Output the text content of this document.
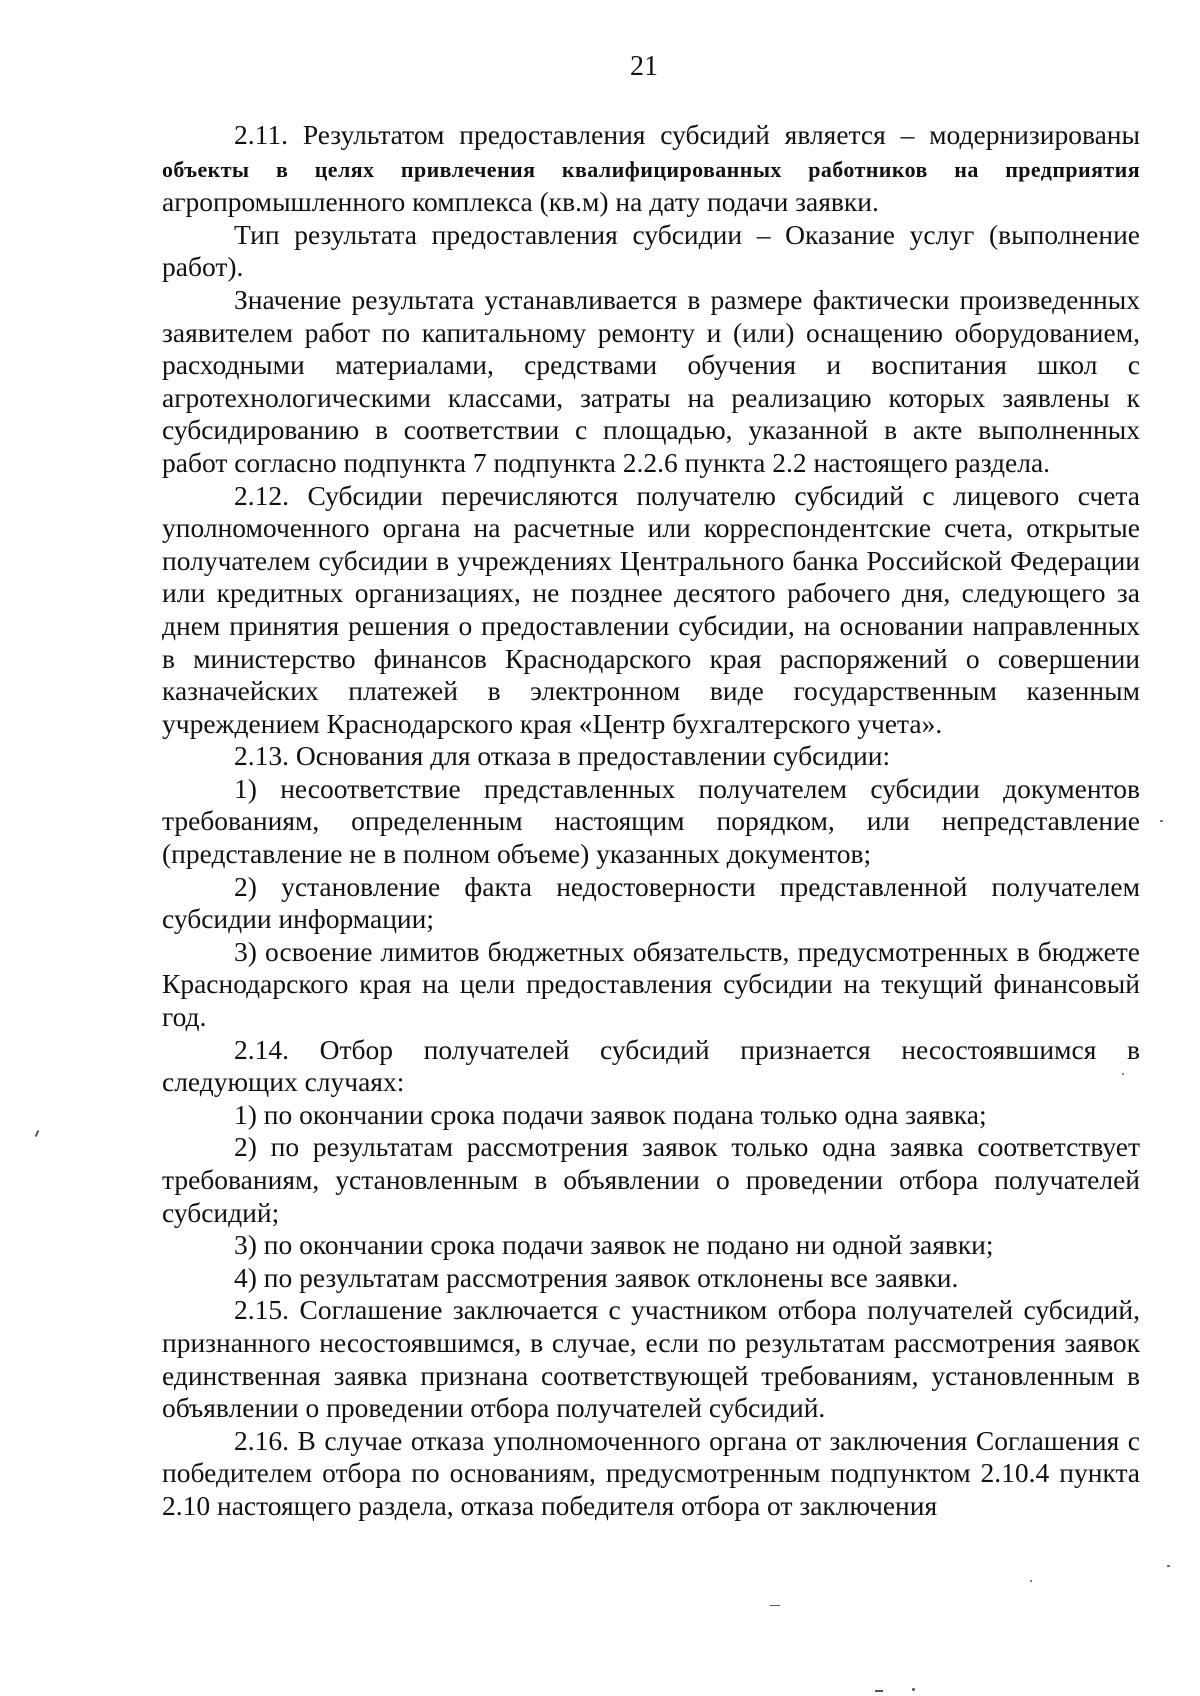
21

2.11. Результатом предоставления субсидий является – модернизированы объекты в целях привлечения квалифицированных работников на предприятия агропромышленного комплекса (кв.м) на дату подачи заявки.

Тип результата предоставления субсидии – Оказание услуг (выполнение работ).

Значение результата устанавливается в размере фактически произведенных заявителем работ по капитальному ремонту и (или) оснащению оборудованием, расходными материалами, средствами обучения и воспитания школ с агротехнологическими классами, затраты на реализацию которых заявлены к субсидированию в соответствии с площадью, указанной в акте выполненных работ согласно подпункта 7 подпункта 2.2.6 пункта 2.2 настоящего раздела.

2.12. Субсидии перечисляются получателю субсидий с лицевого счета уполномоченного органа на расчетные или корреспондентские счета, открытые получателем субсидии в учреждениях Центрального банка Российской Федерации или кредитных организациях, не позднее десятого рабочего дня, следующего за днем принятия решения о предоставлении субсидии, на основании направленных в министерство финансов Краснодарского края распоряжений о совершении казначейских платежей в электронном виде государственным казенным учреждением Краснодарского края «Центр бухгалтерского учета».

2.13. Основания для отказа в предоставлении субсидии:

1) несоответствие представленных получателем субсидии документов требованиям, определенным настоящим порядком, или непредставление (представление не в полном объеме) указанных документов;

2) установление факта недостоверности представленной получателем субсидии информации;

3) освоение лимитов бюджетных обязательств, предусмотренных в бюджете Краснодарского края на цели предоставления субсидии на текущий финансовый год.

2.14. Отбор получателей субсидий признается несостоявшимся в следующих случаях:

1) по окончании срока подачи заявок подана только одна заявка;

2) по результатам рассмотрения заявок только одна заявка соответствует требованиям, установленным в объявлении о проведении отбора получателей субсидий;

3) по окончании срока подачи заявок не подано ни одной заявки;

4) по результатам рассмотрения заявок отклонены все заявки.

2.15. Соглашение заключается с участником отбора получателей субсидий, признанного несостоявшимся, в случае, если по результатам рассмотрения заявок единственная заявка признана соответствующей требованиям, установленным в объявлении о проведении отбора получателей субсидий.

2.16. В случае отказа уполномоченного органа от заключения Соглашения с победителем отбора по основаниям, предусмотренным подпунктом 2.10.4 пункта 2.10 настоящего раздела, отказа победителя отбора от заключения
